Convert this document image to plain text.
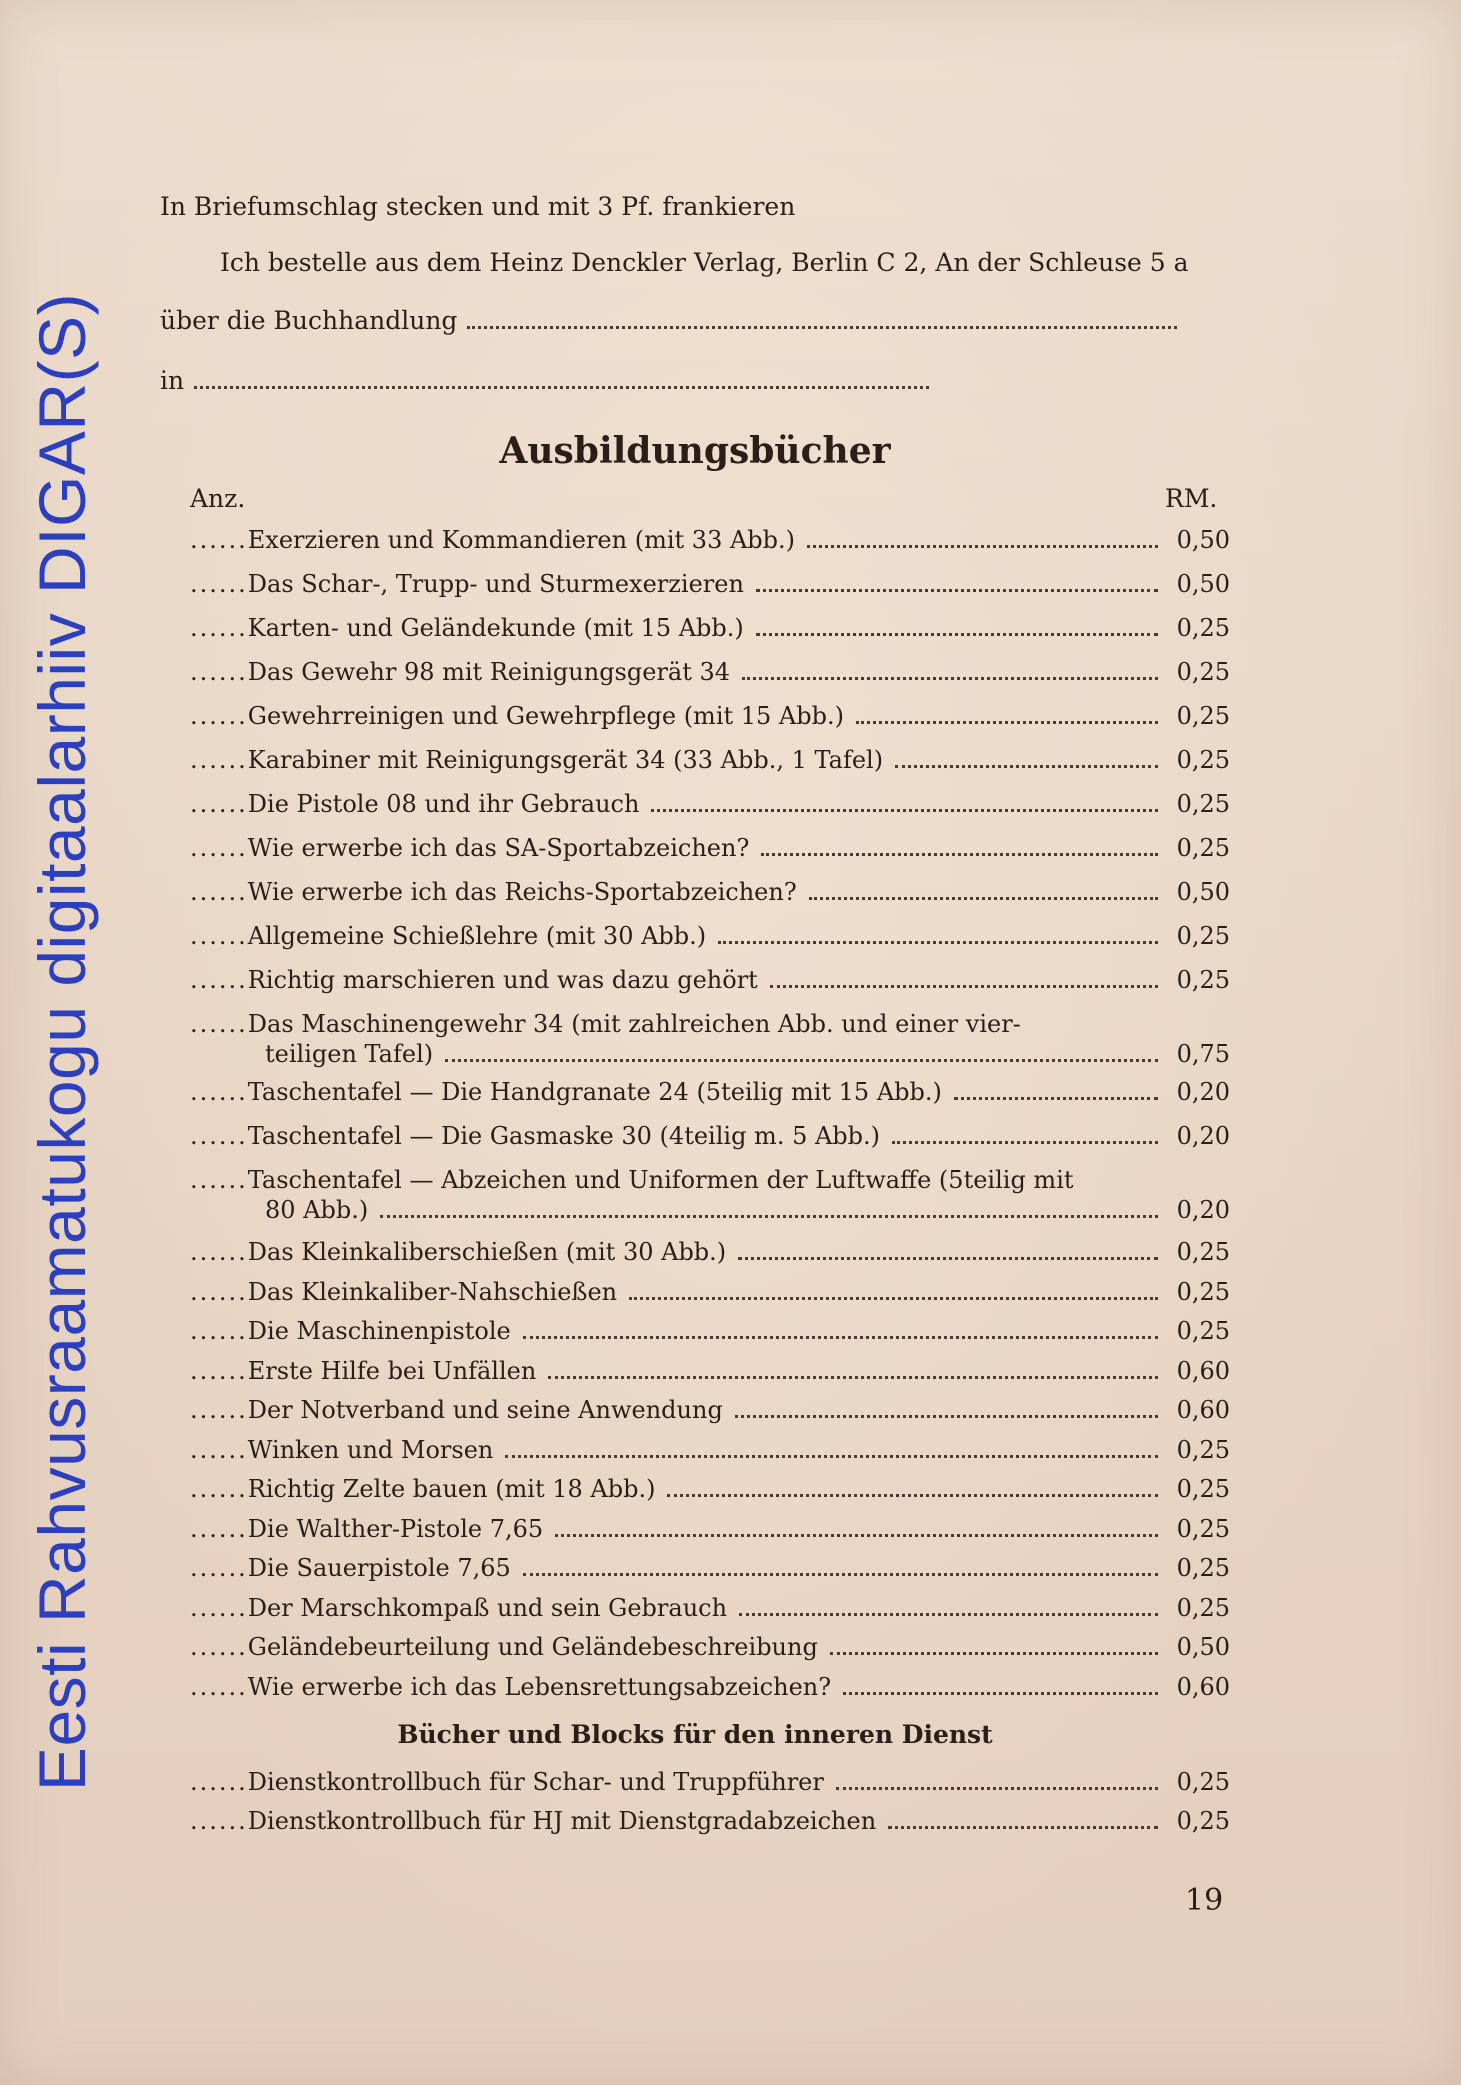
Eesti Rahvusraamatukogu digitaalarhiiv DIGAR(S)
In Briefumschlag stecken und mit 3 Pf. frankieren
Ich bestelle aus dem Heinz Denckler Verlag, Berlin C 2, An der Schleuse 5 a
über die Buchhandlung
in
Ausbildungsbücher
Anz.	RM.
...... Exerzieren und Kommandieren (mit 33 Abb.)	0,50
...... Das Schar-, Trupp- und Sturmexerzieren	0,50
...... Karten- und Geländekunde (mit 15 Abb.)	0,25
...... Das Gewehr 98 mit Reinigungsgerät 34	0,25
...... Gewehrreinigen und Gewehrpflege (mit 15 Abb.)	0,25
...... Karabiner mit Reinigungsgerät 34 (33 Abb., 1 Tafel)	0,25
...... Die Pistole 08 und ihr Gebrauch	0,25
...... Wie erwerbe ich das SA-Sportabzeichen?	0,25
...... Wie erwerbe ich das Reichs-Sportabzeichen?	0,50
...... Allgemeine Schießlehre (mit 30 Abb.)	0,25
...... Richtig marschieren und was dazu gehört	0,25
...... Das Maschinengewehr 34 (mit zahlreichen Abb. und einer vier-
teiligen Tafel)	0,75
...... Taschentafel — Die Handgranate 24 (5teilig mit 15 Abb.)	0,20
...... Taschentafel — Die Gasmaske 30 (4teilig m. 5 Abb.)	0,20
...... Taschentafel — Abzeichen und Uniformen der Luftwaffe (5teilig mit
80 Abb.)	0,20
...... Das Kleinkaliberschießen (mit 30 Abb.)	0,25
...... Das Kleinkaliber-Nahschießen	0,25
...... Die Maschinenpistole	0,25
...... Erste Hilfe bei Unfällen	0,60
...... Der Notverband und seine Anwendung	0,60
...... Winken und Morsen	0,25
...... Richtig Zelte bauen (mit 18 Abb.)	0,25
...... Die Walther-Pistole 7,65	0,25
...... Die Sauerpistole 7,65	0,25
...... Der Marschkompaß und sein Gebrauch	0,25
...... Geländebeurteilung und Geländebeschreibung	0,50
...... Wie erwerbe ich das Lebensrettungsabzeichen?	0,60
Bücher und Blocks für den inneren Dienst
...... Dienstkontrollbuch für Schar- und Truppführer	0,25
...... Dienstkontrollbuch für HJ mit Dienstgradabzeichen	0,25
19
